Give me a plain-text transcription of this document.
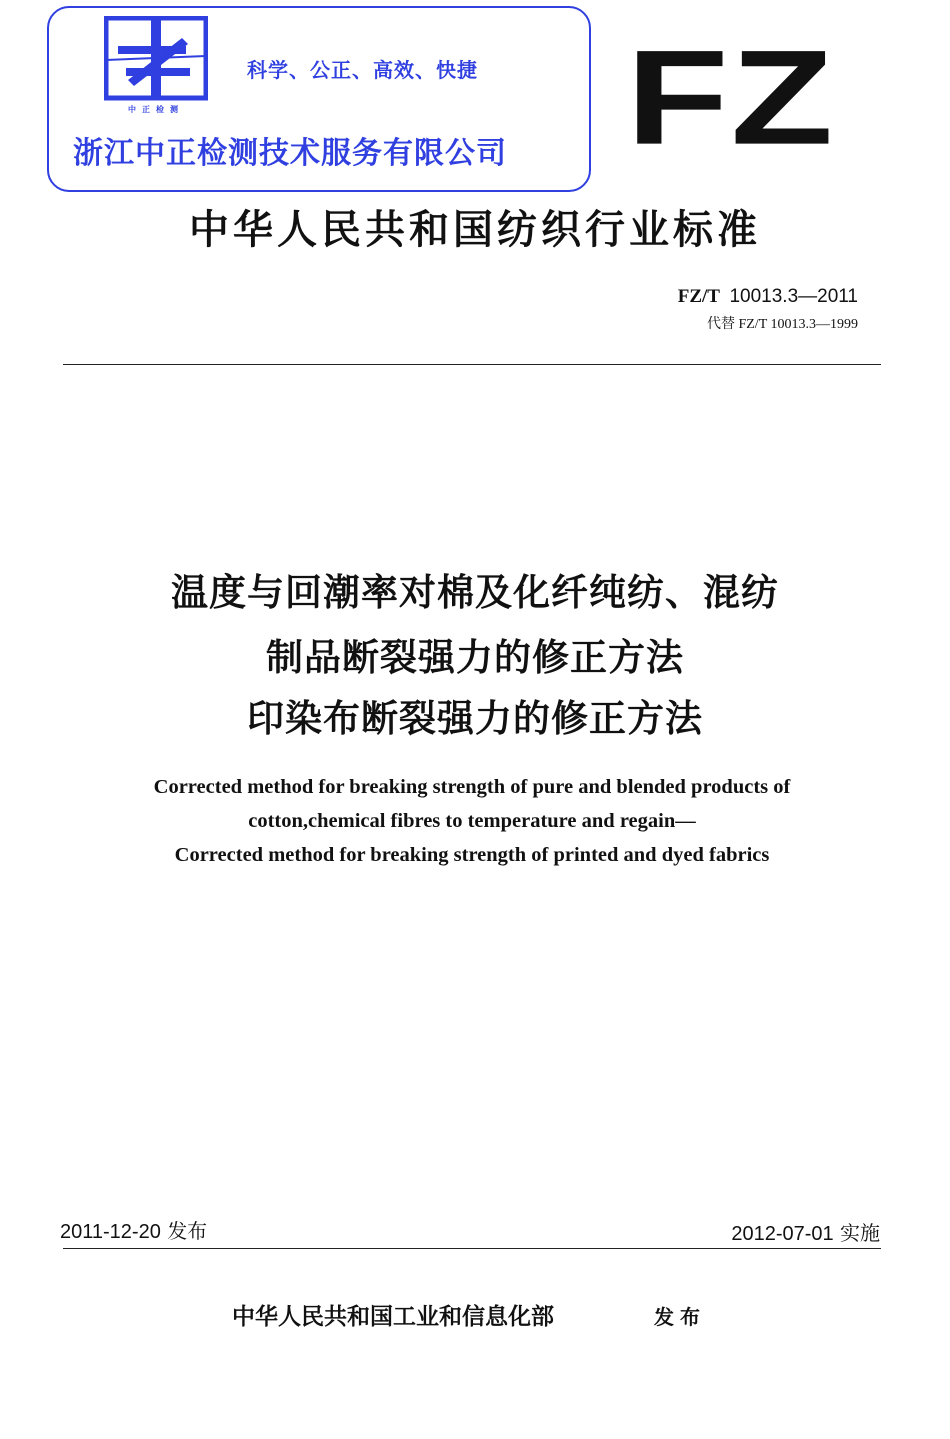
中正检测
科学、公正、高效、快捷
浙江中正检测技术服务有限公司 FZ
中华人民共和国纺织行业标准
FZ/T 10013.3—2011
代替 FZ/T 10013.3—1999
温度与回潮率对棉及化纤纯纺、混纺
制品断裂强力的修正方法
印染布断裂强力的修正方法
Corrected method for breaking strength of pure and blended products of
cotton,chemical fibres to temperature and regain—
Corrected method for breaking strength of printed and dyed fabrics
2011-12-20 发布	2012-07-01 实施
中华人民共和国工业和信息化部	发布
